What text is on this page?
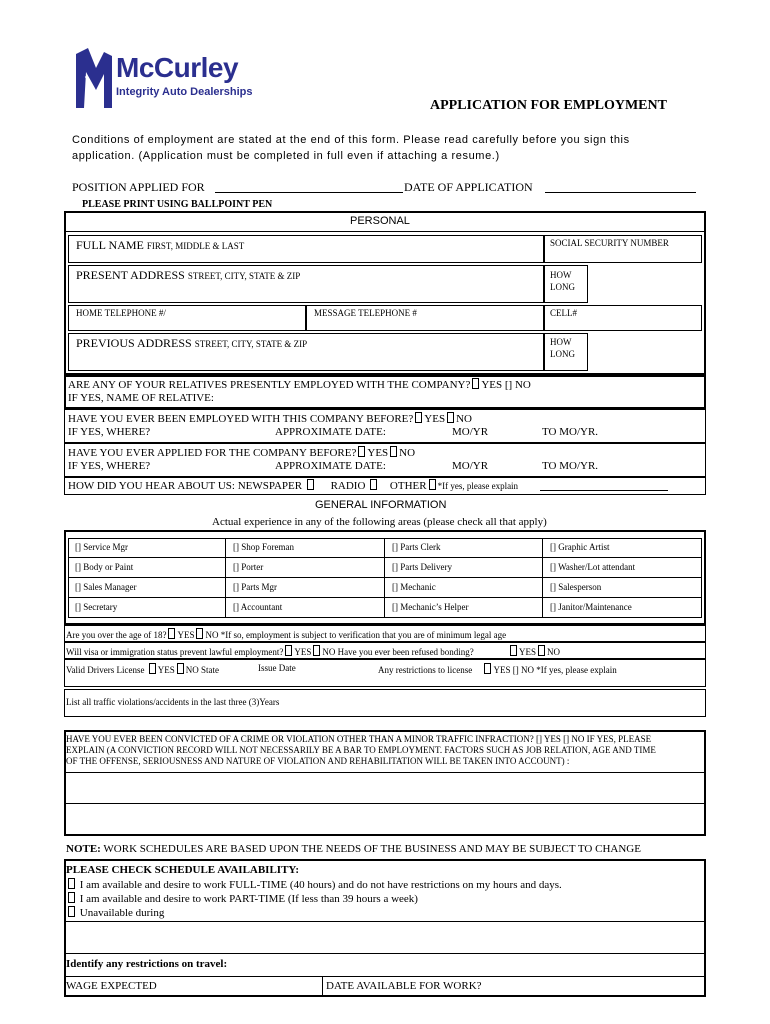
McCurley
Integrity Auto Dealerships
APPLICATION FOR EMPLOYMENT
Conditions of employment are stated at the end of this form. Please read carefully before you sign this
application. (Application must be completed in full even if attaching a resume.)
POSITION APPLIED FOR	DATE OF APPLICATION
PLEASE PRINT USING BALLPOINT PEN
PERSONAL
FULL NAME FIRST, MIDDLE & LAST	SOCIAL SECURITY NUMBER
PRESENT ADDRESS STREET, CITY, STATE & ZIP	HOW
LONG
HOME TELEPHONE #/	MESSAGE TELEPHONE #	CELL#
PREVIOUS ADDRESS STREET, CITY, STATE & ZIP	HOW
LONG
ARE ANY OF YOUR RELATIVES PRESENTLY EMPLOYED WITH THE COMPANY? YES [] NO
IF YES, NAME OF RELATIVE:
HAVE YOU EVER BEEN EMPLOYED WITH THIS COMPANY BEFORE? YES NO
IF YES, WHERE?	APPROXIMATE DATE:	MO/YR	TO MO/YR.
HAVE YOU EVER APPLIED FOR THE COMPANY BEFORE? YES NO
IF YES, WHERE?	APPROXIMATE DATE:	MO/YR	TO MO/YR.
HOW DID YOU HEAR ABOUT US: NEWSPAPER	RADIO OTHER *If yes, please explain
GENERAL INFORMATION
Actual experience in any of the following areas (please check all that apply)
[] Service Mgr	[] Shop Foreman	[] Parts Clerk	[] Graphic Artist
[] Body or Paint	[] Porter	[] Parts Delivery	[] Washer/Lot attendant
[] Sales Manager	[] Parts Mgr	[] Mechanic	[] Salesperson
[] Secretary	[] Accountant	[] Mechanic’s Helper	[] Janitor/Maintenance
Are you over the age of 18? YES NO *If so, employment is subject to verification that you are of minimum legal age
Will visa or immigration status prevent lawful employment? YES NO Have you ever been refused bonding?	YES NO
Valid Drivers License YES NO State	Issue Date	Any restrictions to license YES [] NO *If yes, please explain
List all traffic violations/accidents in the last three (3)Years
HAVE YOU EVER BEEN CONVICTED OF A CRIME OR VIOLATION OTHER THAN A MINOR TRAFFIC INFRACTION? [] YES [] NO IF YES, PLEASE
EXPLAIN (A CONVICTION RECORD WILL NOT NECESSARILY BE A BAR TO EMPLOYMENT. FACTORS SUCH AS JOB RELATION, AGE AND TIME
OF THE OFFENSE, SERIOUSNESS AND NATURE OF VIOLATION AND REHABILITATION WILL BE TAKEN INTO ACCOUNT) :
NOTE: WORK SCHEDULES ARE BASED UPON THE NEEDS OF THE BUSINESS AND MAY BE SUBJECT TO CHANGE
PLEASE CHECK SCHEDULE AVAILABILITY:
I am available and desire to work FULL-TIME (40 hours) and do not have restrictions on my hours and days.
I am available and desire to work PART-TIME (If less than 39 hours a week)
Unavailable during
Identify any restrictions on travel:
WAGE EXPECTED	DATE AVAILABLE FOR WORK?
